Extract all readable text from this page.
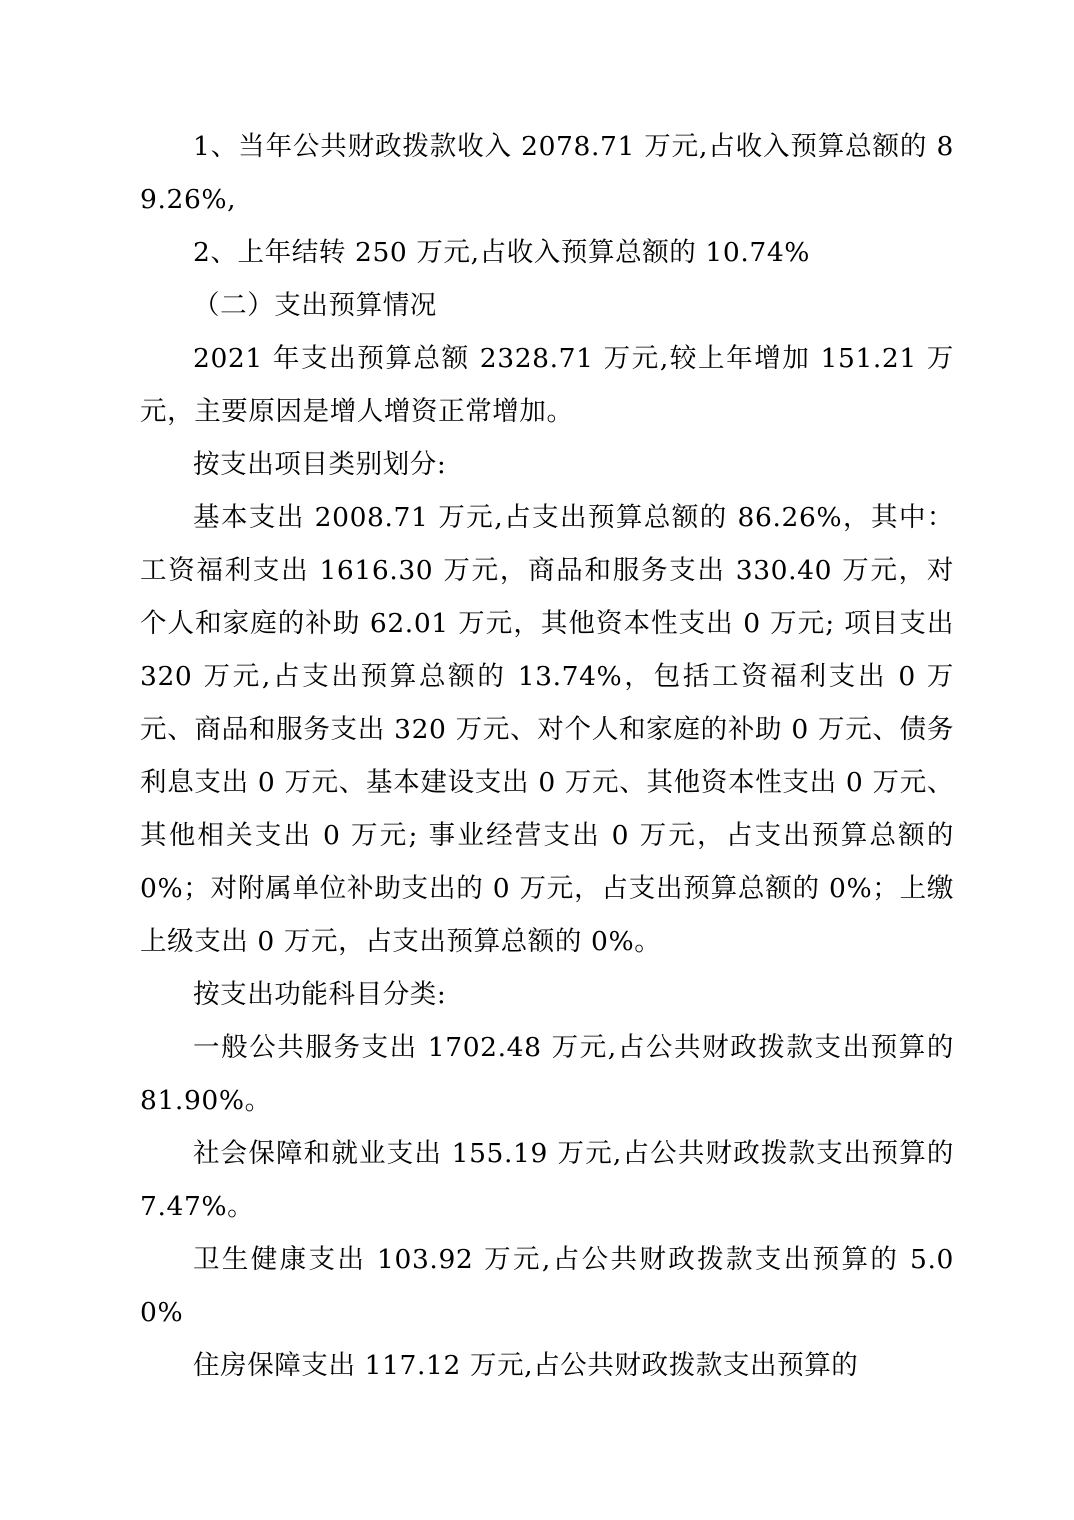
1、当年公共财政拨款收入 2078.71 万元,占收入预算总额的 89.26%,

2、上年结转 250 万元,占收入预算总额的 10.74%

（二）支出预算情况

2021 年支出预算总额 2328.71 万元,较上年增加 151.21 万元，主要原因是增人增资正常增加。

按支出项目类别划分:

基本支出 2008.71 万元,占支出预算总额的 86.26%，其中：工资福利支出 1616.30 万元，商品和服务支出 330.40 万元，对个人和家庭的补助 62.01 万元，其他资本性支出 0 万元; 项目支出 320 万元,占支出预算总额的 13.74%，包括工资福利支出 0 万元、商品和服务支出 320 万元、对个人和家庭的补助 0 万元、债务利息支出 0 万元、基本建设支出 0 万元、其他资本性支出 0 万元、其他相关支出 0 万元; 事业经营支出 0 万元，占支出预算总额的 0%；对附属单位补助支出的 0 万元，占支出预算总额的 0%；上缴上级支出 0 万元，占支出预算总额的 0%。

按支出功能科目分类:

一般公共服务支出 1702.48 万元,占公共财政拨款支出预算的 81.90%。

社会保障和就业支出 155.19 万元,占公共财政拨款支出预算的 7.47%。

卫生健康支出 103.92 万元,占公共财政拨款支出预算的 5.00%

住房保障支出 117.12 万元,占公共财政拨款支出预算的
